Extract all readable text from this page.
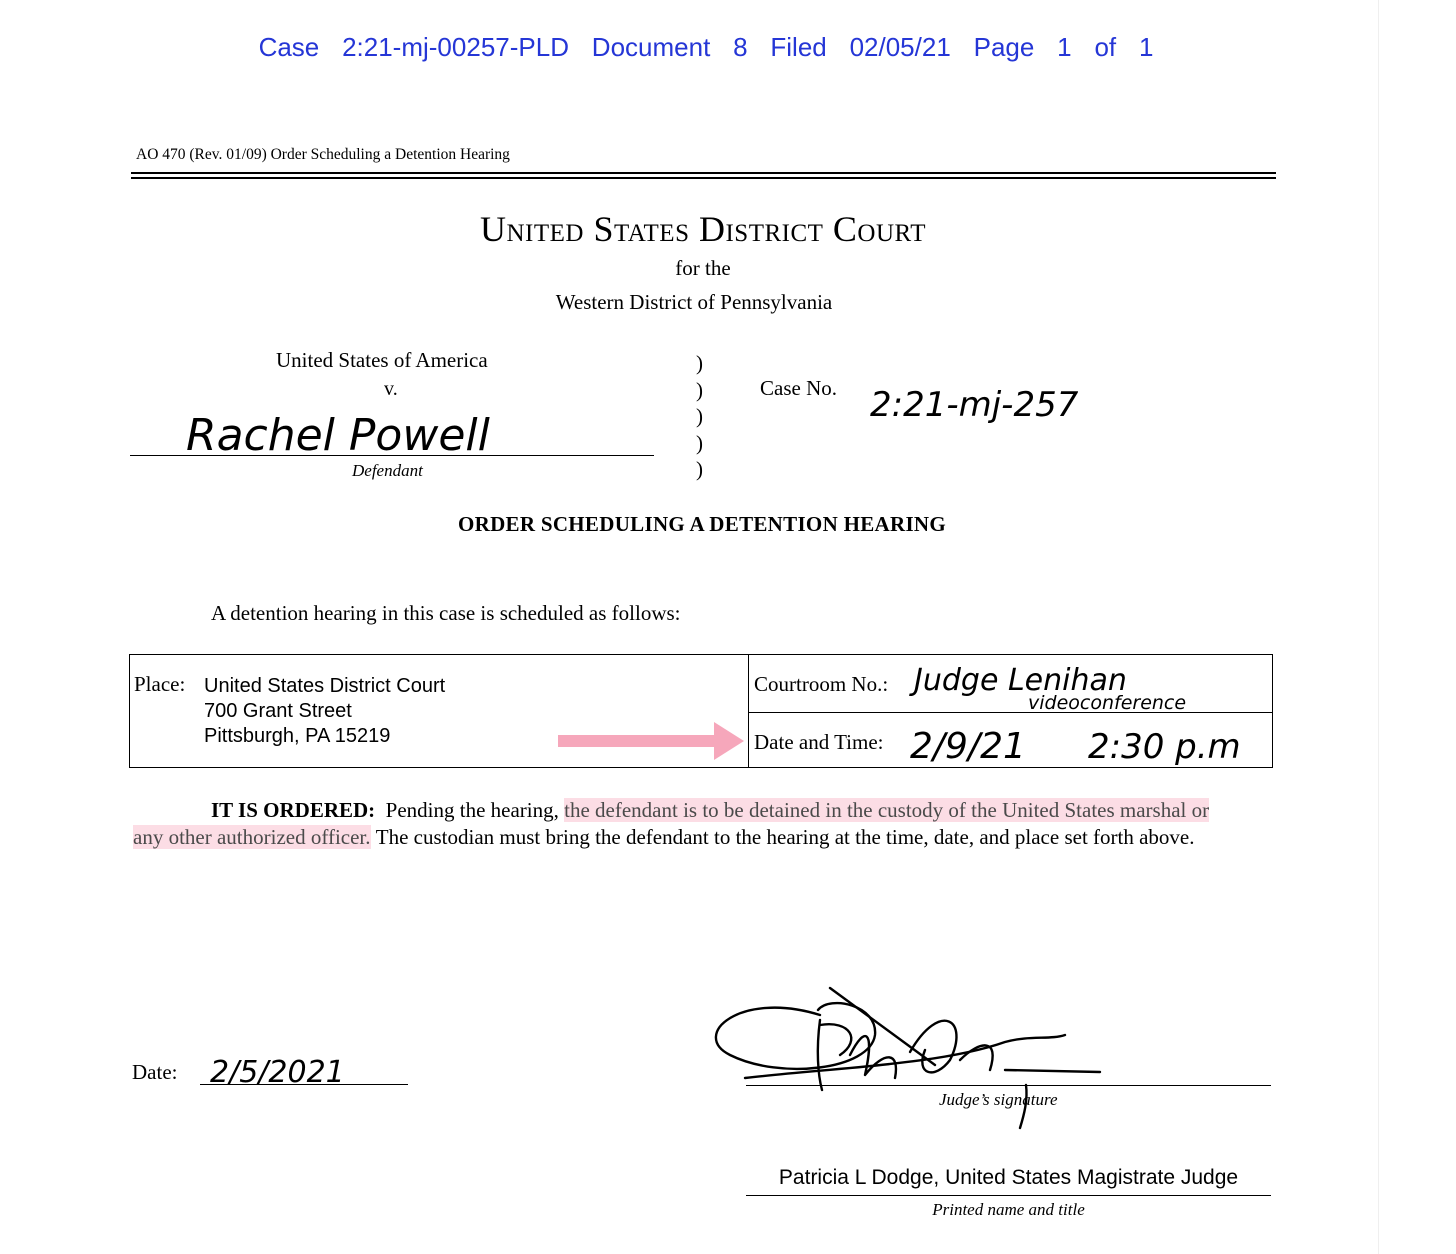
Case 2:21-mj-00257-PLD Document 8 Filed 02/05/21 Page 1 of 1
AO 470 (Rev. 01/09) Order Scheduling a Detention Hearing
United States District Court
for the
Western District of Pennsylvania
United States of America
v.
Rachel Powell
Defendant
)
)
)
)
)
Case No. 2:21-mj-257
ORDER SCHEDULING A DETENTION HEARING
A detention hearing in this case is scheduled as follows:
Place: United States District Court
700 Grant Street
Pittsburgh, PA 15219
Courtroom No.: Judge Lenihan
videoconference
Date and Time: 2/9/21 2:30 p.m
IT IS ORDERED: Pending the hearing, the defendant is to be detained in the custody of the United States marshal or any other authorized officer. The custodian must bring the defendant to the hearing at the time, date, and place set forth above.
Date: 2/5/2021
Judge’s signature
Patricia L Dodge, United States Magistrate Judge
Printed name and title
